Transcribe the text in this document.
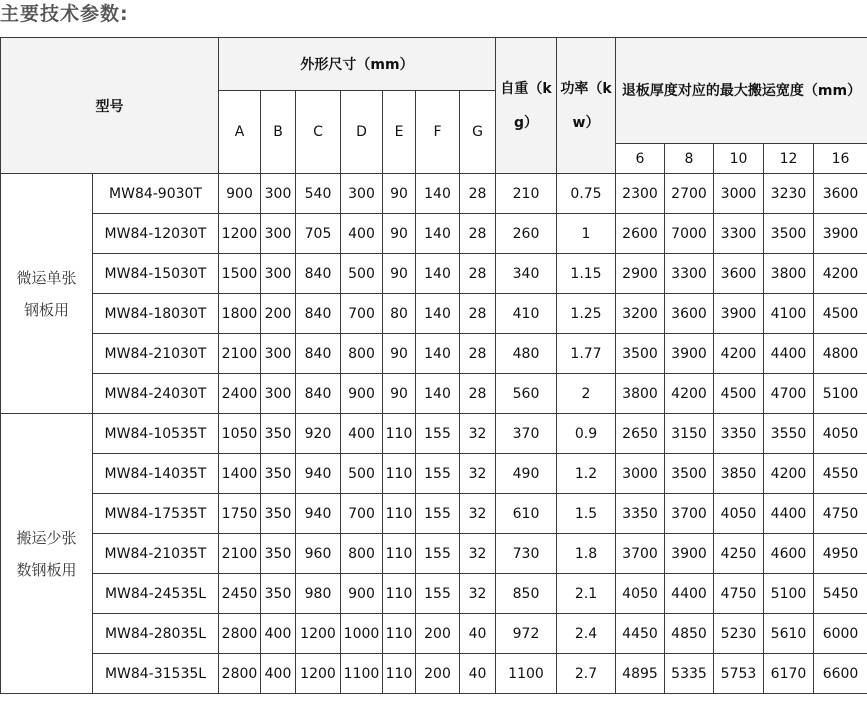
主要技术参数:
型号		外形尺寸（mm）							自重（kg）	功率（kw）	退板厚度对应的最大搬运宽度（mm）				
		A	B	C	D	E	F	G							
											6	8	10	12	16
微运单张钢板用	MW84-9030T	900	300	540	300	90	140	28	210	0.75	2300	2700	3000	3230	3600
	MW84-12030T	1200	300	705	400	90	140	28	260	1	2600	7000	3300	3500	3900
	MW84-15030T	1500	300	840	500	90	140	28	340	1.15	2900	3300	3600	3800	4200
	MW84-18030T	1800	200	840	700	80	140	28	410	1.25	3200	3600	3900	4100	4500
	MW84-21030T	2100	300	840	800	90	140	28	480	1.77	3500	3900	4200	4400	4800
	MW84-24030T	2400	300	840	900	90	140	28	560	2	3800	4200	4500	4700	5100
搬运少张数钢板用	MW84-10535T	1050	350	920	400	110	155	32	370	0.9	2650	3150	3350	3550	4050
	MW84-14035T	1400	350	940	500	110	155	32	490	1.2	3000	3500	3850	4200	4550
	MW84-17535T	1750	350	940	700	110	155	32	610	1.5	3350	3700	4050	4400	4750
	MW84-21035T	2100	350	960	800	110	155	32	730	1.8	3700	3900	4250	4600	4950
	MW84-24535L	2450	350	980	900	110	155	32	850	2.1	4050	4400	4750	5100	5450
	MW84-28035L	2800	400	1200	1000	110	200	40	972	2.4	4450	4850	5230	5610	6000
	MW84-31535L	2800	400	1200	1100	110	200	40	1100	2.7	4895	5335	5753	6170	6600
